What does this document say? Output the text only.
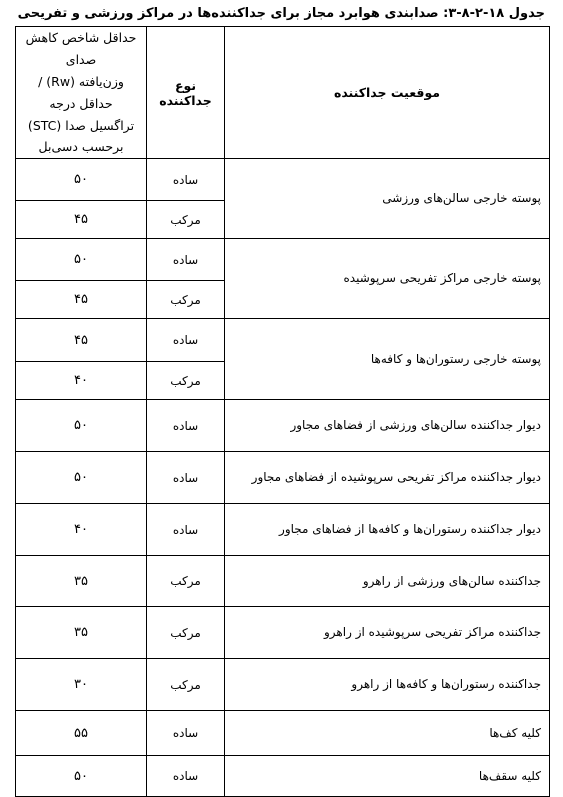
جدول ۱۸-۲-۸-۳: صدابندی هوابرد مجاز برای جداکننده‌ها در مراکز ورزشی و تفریحی
موقعیت جداکننده	نوع جداکننده	حداقل شاخص کاهش صدای
وزن‌یافته (Rw) / حداقل درجه
تراگسیل صدا (STC)
برحسب دسی‌بل

پوسته خارجی سالن‌های ورزشی	ساده	۵۰
	مرکب	۴۵
پوسته خارجی مراکز تفریحی سرپوشیده	ساده	۵۰
	مرکب	۴۵
پوسته خارجی رستوران‌ها و کافه‌ها	ساده	۴۵
	مرکب	۴۰
دیوار جداکننده سالن‌های ورزشی از فضاهای مجاور	ساده	۵۰
دیوار جداکننده مراکز تفریحی سرپوشیده از فضاهای مجاور	ساده	۵۰
دیوار جداکننده رستوران‌ها و کافه‌ها از فضاهای مجاور	ساده	۴۰
جداکننده سالن‌های ورزشی از راهرو	مرکب	۳۵
جداکننده مراکز تفریحی سرپوشیده از راهرو	مرکب	۳۵
جداکننده رستوران‌ها و کافه‌ها از راهرو	مرکب	۳۰
کلیه کف‌ها	ساده	۵۵
کلیه سقف‌ها	ساده	۵۰
